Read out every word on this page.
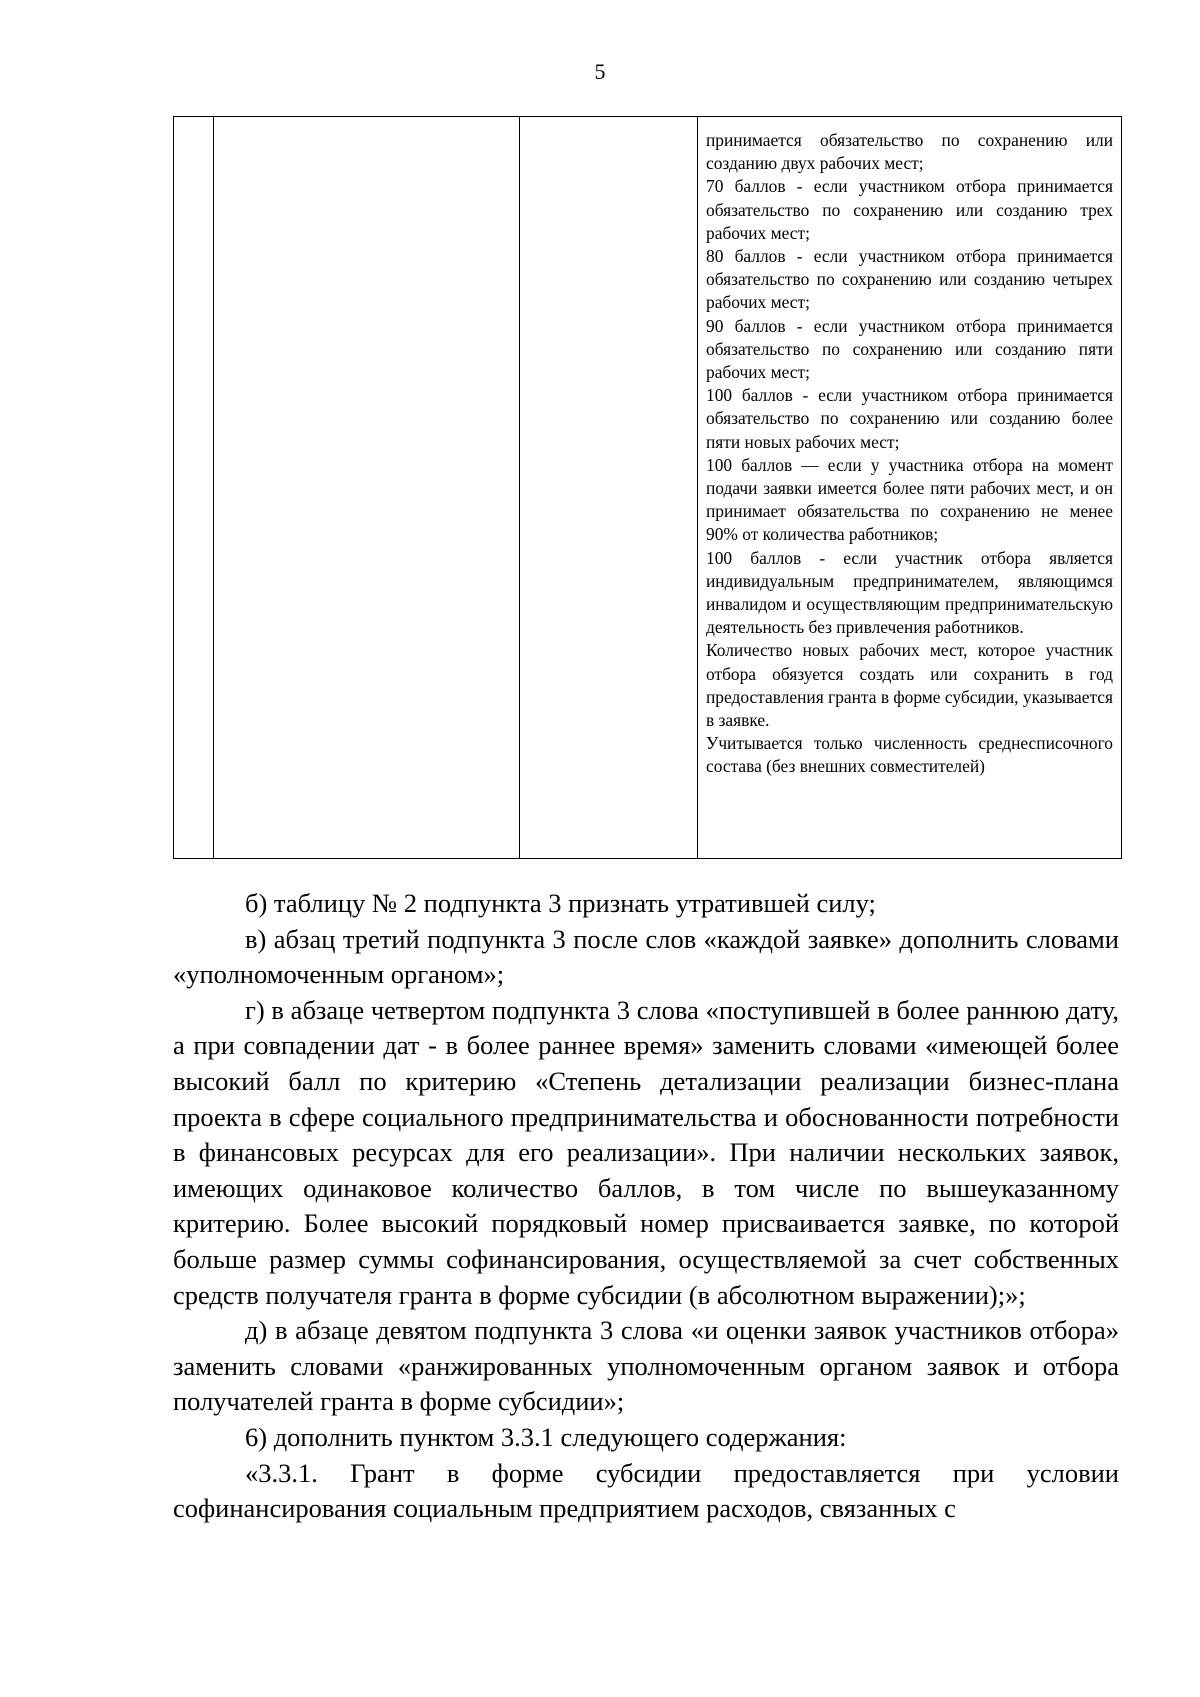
5

принимается обязательство по сохранению или созданию двух рабочих мест;

70 баллов - если участником отбора принимается обязательство по сохранению или созданию трех рабочих мест;

80 баллов - если участником отбора принимается обязательство по сохранению или созданию четырех рабочих мест;

90 баллов - если участником отбора принимается обязательство по сохранению или созданию пяти рабочих мест;

100 баллов - если участником отбора принимается обязательство по сохранению или созданию более пяти новых рабочих мест;

100 баллов — если у участника отбора на момент подачи заявки имеется более пяти рабочих мест, и он принимает обязательства по сохранению не менее 90% от количества работников;

100 баллов - если участник отбора является индивидуальным предпринимателем, являющимся инвалидом и осуществляющим предпринимательскую деятельность без привлечения работников.

Количество новых рабочих мест, которое участник отбора обязуется создать или сохранить в год предоставления гранта в форме субсидии, указывается в заявке.

Учитывается только численность среднесписочного состава (без внешних совместителей)

б) таблицу № 2 подпункта 3 признать утратившей силу;

в) абзац третий подпункта 3 после слов «каждой заявке» дополнить словами «уполномоченным органом»;

г) в абзаце четвертом подпункта 3 слова «поступившей в более раннюю дату, а при совпадении дат - в более раннее время» заменить словами «имеющей более высокий балл по критерию «Степень детализации реализации бизнес-плана проекта в сфере социального предпринимательства и обоснованности потребности в финансовых ресурсах для его реализации». При наличии нескольких заявок, имеющих одинаковое количество баллов, в том числе по вышеуказанному критерию. Более высокий порядковый номер присваивается заявке, по которой больше размер суммы софинансирования, осуществляемой за счет собственных средств получателя гранта в форме субсидии (в абсолютном выражении);»;

д) в абзаце девятом подпункта 3 слова «и оценки заявок участников отбора» заменить словами «ранжированных уполномоченным органом заявок и отбора получателей гранта в форме субсидии»;

6) дополнить пунктом 3.3.1 следующего содержания:

«3.3.1. Грант в форме субсидии предоставляется при условии софинансирования социальным предприятием расходов, связанных с
